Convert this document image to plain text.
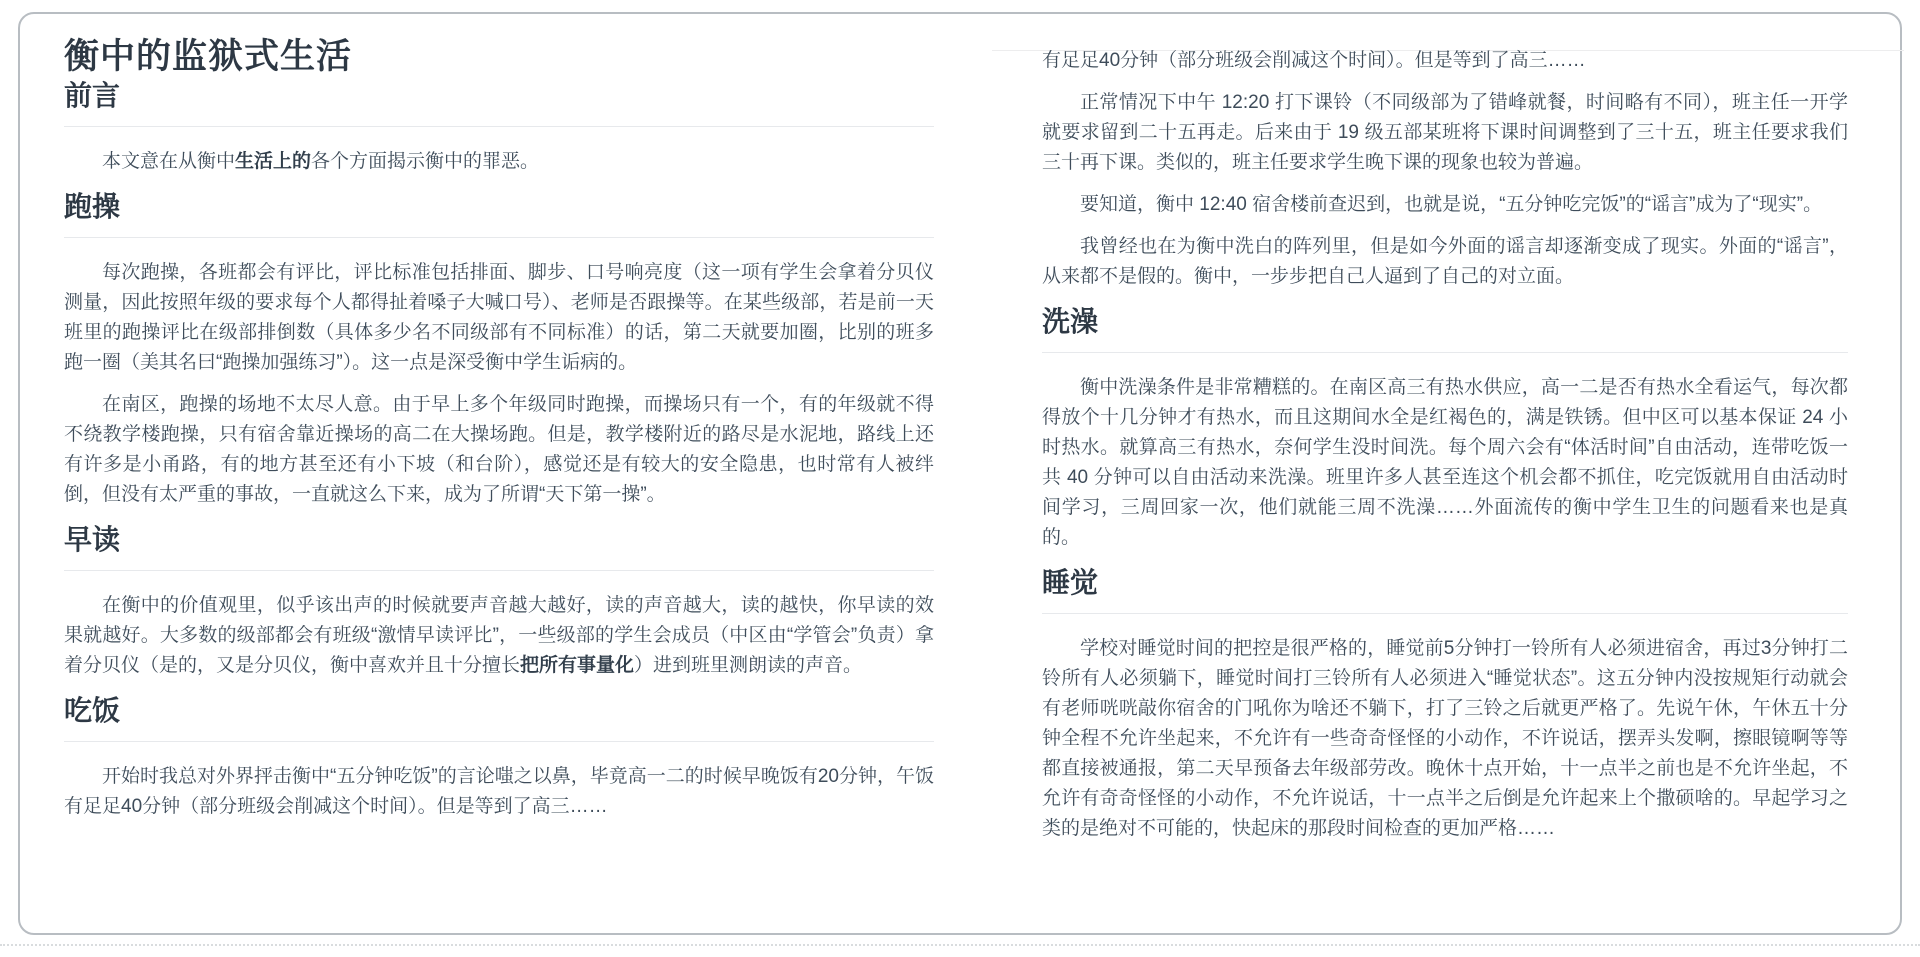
衡中的监狱式生活
前言

本文意在从衡中生活上的各个方面揭示衡中的罪恶。

跑操

每次跑操，各班都会有评比，评比标准包括排面、脚步、口号响亮度（这一项有学生会拿着分贝仪测量，因此按照年级的要求每个人都得扯着嗓子大喊口号）、老师是否跟操等。在某些级部，若是前一天班里的跑操评比在级部排倒数（具体多少名不同级部有不同标准）的话，第二天就要加圈，比别的班多跑一圈（美其名曰“跑操加强练习”）。这一点是深受衡中学生诟病的。

在南区，跑操的场地不太尽人意。由于早上多个年级同时跑操，而操场只有一个，有的年级就不得不绕教学楼跑操，只有宿舍靠近操场的高二在大操场跑。但是，教学楼附近的路尽是水泥地，路线上还有许多是小甬路，有的地方甚至还有小下坡（和台阶），感觉还是有较大的安全隐患，也时常有人被绊倒，但没有太严重的事故，一直就这么下来，成为了所谓“天下第一操”。

早读

在衡中的价值观里，似乎该出声的时候就要声音越大越好，读的声音越大，读的越快，你早读的效果就越好。大多数的级部都会有班级“激情早读评比”，一些级部的学生会成员（中区由“学管会”负责）拿着分贝仪（是的，又是分贝仪，衡中喜欢并且十分擅长把所有事量化）进到班里测朗读的声音。

吃饭

开始时我总对外界抨击衡中“五分钟吃饭”的言论嗤之以鼻，毕竟高一二的时候早晚饭有20分钟，午饭有足足40分钟（部分班级会削减这个时间）。但是等到了高三……

有足足40分钟（部分班级会削减这个时间）。但是等到了高三……

正常情况下中午 12:20 打下课铃（不同级部为了错峰就餐，时间略有不同），班主任一开学就要求留到二十五再走。后来由于 19 级五部某班将下课时间调整到了三十五，班主任要求我们三十再下课。类似的，班主任要求学生晚下课的现象也较为普遍。

要知道，衡中 12:40 宿舍楼前查迟到，也就是说，“五分钟吃完饭”的“谣言”成为了“现实”。

我曾经也在为衡中洗白的阵列里，但是如今外面的谣言却逐渐变成了现实。外面的“谣言”，从来都不是假的。衡中，一步步把自己人逼到了自己的对立面。

洗澡

衡中洗澡条件是非常糟糕的。在南区高三有热水供应，高一二是否有热水全看运气，每次都得放个十几分钟才有热水，而且这期间水全是红褐色的，满是铁锈。但中区可以基本保证 24 小时热水。就算高三有热水，奈何学生没时间洗。每个周六会有“体活时间”自由活动，连带吃饭一共 40 分钟可以自由活动来洗澡。班里许多人甚至连这个机会都不抓住，吃完饭就用自由活动时间学习，三周回家一次，他们就能三周不洗澡……外面流传的衡中学生卫生的问题看来也是真的。

睡觉

学校对睡觉时间的把控是很严格的，睡觉前5分钟打一铃所有人必须进宿舍，再过3分钟打二铃所有人必须躺下，睡觉时间打三铃所有人必须进入“睡觉状态”。这五分钟内没按规矩行动就会有老师咣咣敲你宿舍的门吼你为啥还不躺下，打了三铃之后就更严格了。先说午休，午休五十分钟全程不允许坐起来，不允许有一些奇奇怪怪的小动作，不许说话，摆弄头发啊，擦眼镜啊等等都直接被通报，第二天早预备去年级部劳改。晚休十点开始，十一点半之前也是不允许坐起，不允许有奇奇怪怪的小动作，不允许说话，十一点半之后倒是允许起来上个撒硕啥的。早起学习之类的是绝对不可能的，快起床的那段时间检查的更加严格……
